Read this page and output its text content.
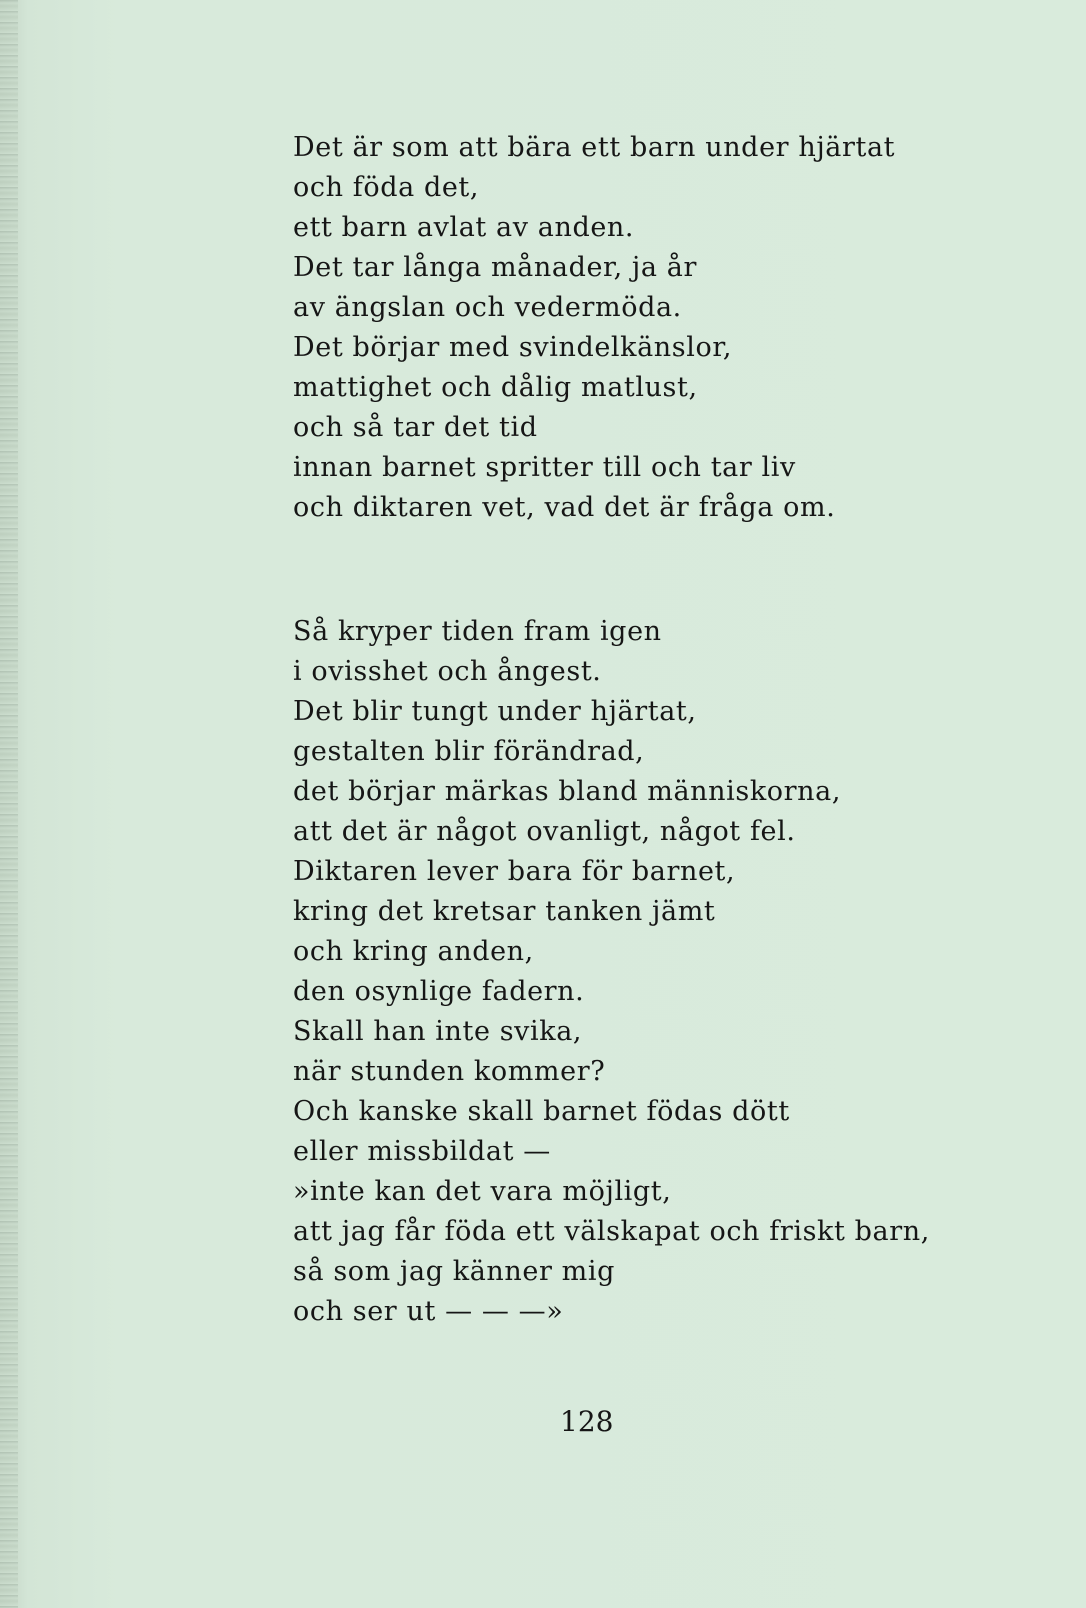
Det är som att bära ett barn under hjärtat
och föda det,
ett barn avlat av anden.
Det tar långa månader, ja år
av ängslan och vedermöda.
Det börjar med svindelkänslor,
mattighet och dålig matlust,
och så tar det tid
innan barnet spritter till och tar liv
och diktaren vet, vad det är fråga om.
Så kryper tiden fram igen
i ovisshet och ångest.
Det blir tungt under hjärtat,
gestalten blir förändrad,
det börjar märkas bland människorna,
att det är något ovanligt, något fel.
Diktaren lever bara för barnet,
kring det kretsar tanken jämt
och kring anden,
den osynlige fadern.
Skall han inte svika,
när stunden kommer?
Och kanske skall barnet födas dött
eller missbildat —
»inte kan det vara möjligt,
att jag får föda ett välskapat och friskt barn,
så som jag känner mig
och ser ut — — —»
128
